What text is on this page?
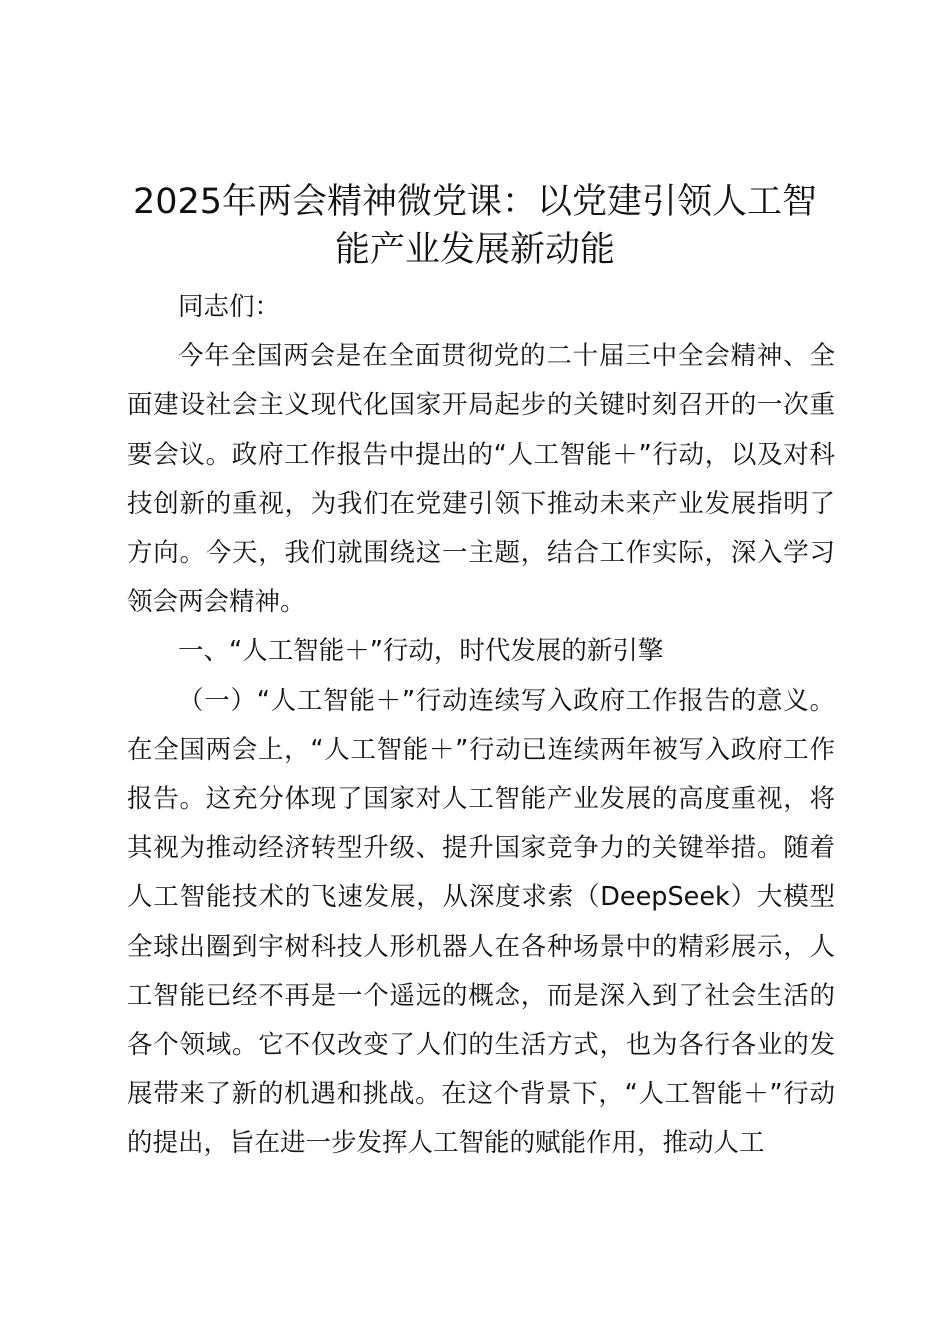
2025年两会精神微党课：以党建引领人工智能产业发展新动能

同志们：

今年全国两会是在全面贯彻党的二十届三中全会精神、全面建设社会主义现代化国家开局起步的关键时刻召开的一次重要会议。政府工作报告中提出的“人工智能＋”行动，以及对科技创新的重视，为我们在党建引领下推动未来产业发展指明了方向。今天，我们就围绕这一主题，结合工作实际，深入学习领会两会精神。

一、“人工智能＋”行动，时代发展的新引擎

（一）“人工智能＋”行动连续写入政府工作报告的意义。在全国两会上，“人工智能＋”行动已连续两年被写入政府工作报告。这充分体现了国家对人工智能产业发展的高度重视，将其视为推动经济转型升级、提升国家竞争力的关键举措。随着人工智能技术的飞速发展，从深度求索（DeepSeek）大模型全球出圈到宇树科技人形机器人在各种场景中的精彩展示，人工智能已经不再是一个遥远的概念，而是深入到了社会生活的各个领域。它不仅改变了人们的生活方式，也为各行各业的发展带来了新的机遇和挑战。在这个背景下，“人工智能＋”行动的提出，旨在进一步发挥人工智能的赋能作用，推动人工
